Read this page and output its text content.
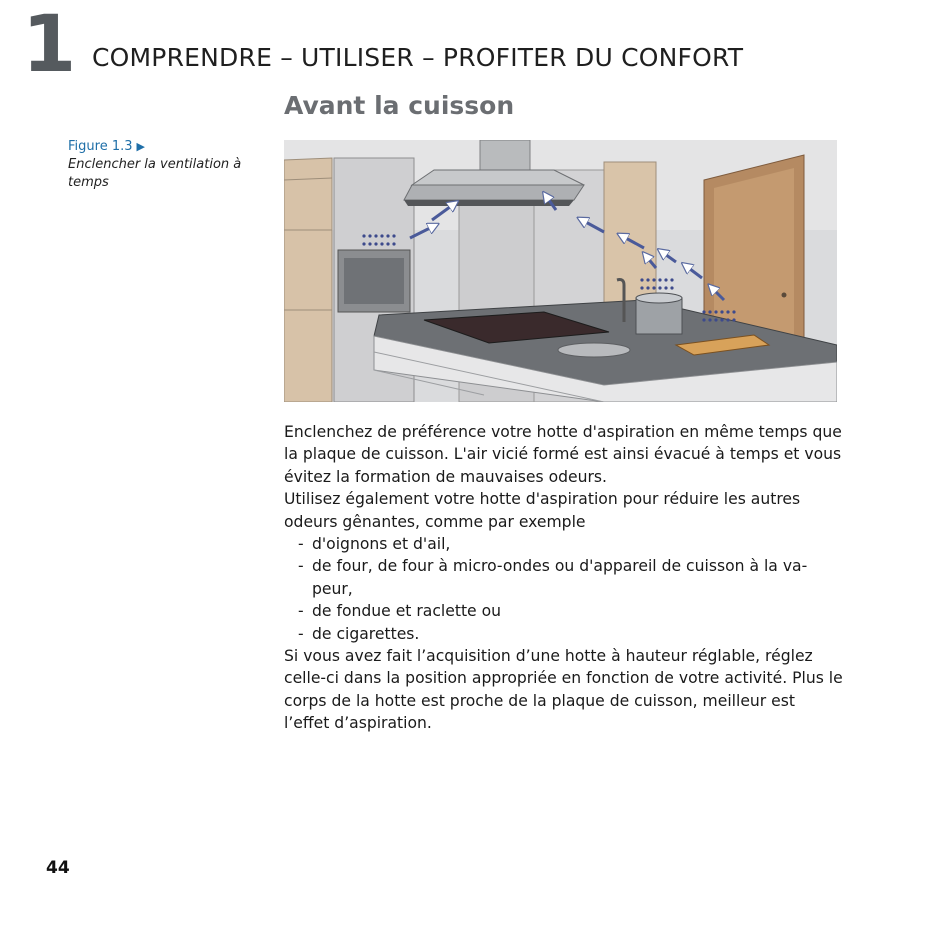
1 COMPRENDRE – UTILISER – PROFITER DU CONFORT
Avant la cuisson
Figure 1.3 ▶
Enclencher la ventilation à temps

Enclenchez de préférence votre hotte d'aspiration en même temps que la plaque de cuisson. L'air vicié formé est ainsi évacué à temps et vous évitez la formation de mauvaises odeurs.

Utilisez également votre hotte d'aspiration pour réduire les autres odeurs gênantes, comme par exemple

- d'oignons et d'ail,
- de four, de four à micro-ondes ou d'appareil de cuisson à la va-peur,
- de fondue et raclette ou
- de cigarettes.

Si vous avez fait l’acquisition d’une hotte à hauteur réglable, réglez celle-ci dans la position appropriée en fonction de votre activité. Plus le corps de la hotte est proche de la plaque de cuisson, meilleur est l’effet d’aspiration.

44
